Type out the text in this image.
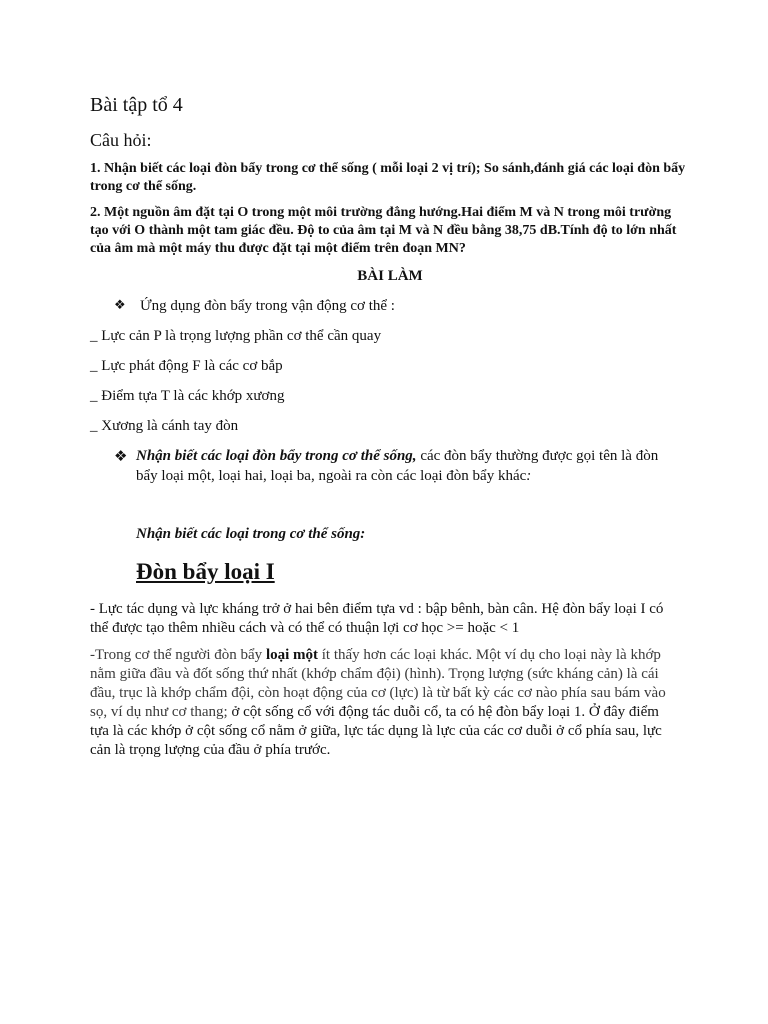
Bài tập tổ 4
Câu hỏi:
1. Nhận biết các loại đòn bẩy trong cơ thể sống ( mỗi loại 2 vị trí); So sánh,đánh giá các loại đòn bẩy trong cơ thể sống.
2. Một nguồn âm đặt tại O trong một môi trường đẳng hướng.Hai điểm M và N trong môi trường tạo với O thành một tam giác đều. Độ to của âm tại M và N đều bằng 38,75 dB.Tính độ to lớn nhất của âm mà một máy thu được đặt tại một điểm trên đoạn MN?
BÀI LÀM
❖ Ứng dụng đòn bẩy trong vận động cơ thể :
_ Lực cản P là trọng lượng phần cơ thể cần quay
_ Lực phát động F là các cơ bắp
_ Điểm tựa T là các khớp xương
_ Xương là cánh tay đòn
❖ Nhận biết các loại đòn bẩy trong cơ thể sống, các đòn bẩy thường được gọi tên là đòn bẩy loại một, loại hai, loại ba, ngoài ra còn các loại đòn bẩy khác:
Nhận biết các loại trong cơ thể sống:
Đòn bẩy loại I
- Lực tác dụng và lực kháng trở ở hai bên điểm tựa vd : bập bênh, bàn cân. Hệ đòn bẩy loại I có thể được tạo thêm nhiều cách và có thể có thuận lợi cơ học >= hoặc < 1
-Trong cơ thể người đòn bẩy loại một ít thấy hơn các loại khác. Một ví dụ cho loại này là khớp nằm giữa đầu và đốt sống thứ nhất (khớp chẩm đội) (hình). Trọng lượng (sức kháng cản) là cái đầu, trục là khớp chẩm đội, còn hoạt động của cơ (lực) là từ bất kỳ các cơ nào phía sau bám vào sọ, ví dụ như cơ thang; ở cột sống cổ với động tác duỗi cổ, ta có hệ đòn bẩy loại 1. Ở đây điểm tựa là các khớp ở cột sống cổ nằm ở giữa, lực tác dụng là lực của các cơ duỗi ở cổ phía sau, lực cản là trọng lượng của đầu ở phía trước.
